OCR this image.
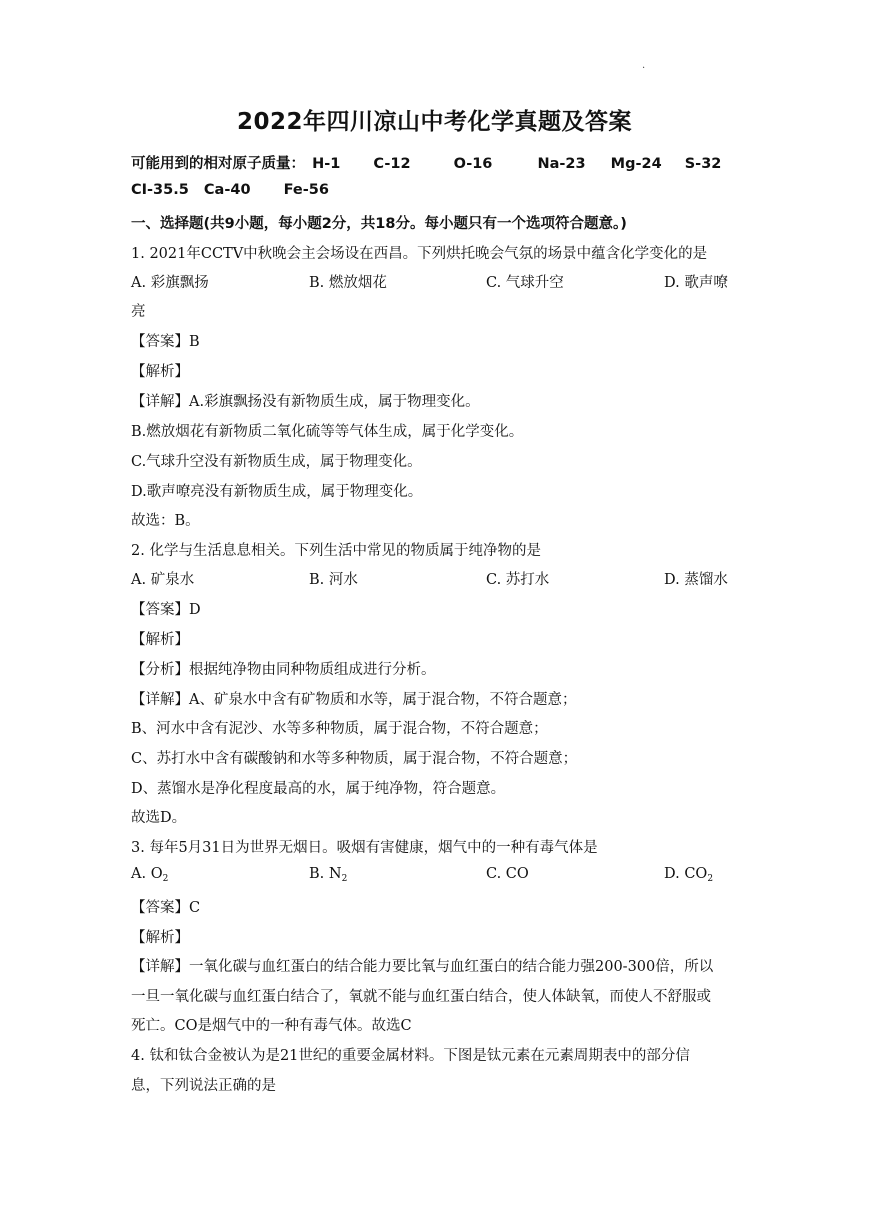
.
2022年四川凉山中考化学真题及答案
可能用到的相对原子质量： H-1 C-12	O-16	Na-23 Mg-24 S-32
CI-35.5 Ca-40 Fe-56
一、选择题(共9小题，每小题2分，共18分。每小题只有一个选项符合题意。)
1. 2021年CCTV中秋晚会主会场设在西昌。下列烘托晚会气氛的场景中蕴含化学变化的是
A. 彩旗飘扬	B. 燃放烟花	C. 气球升空	D. 歌声嘹
亮
【答案】B
【解析】
【详解】A.彩旗飘扬没有新物质生成，属于物理变化。
B.燃放烟花有新物质二氧化硫等等气体生成，属于化学变化。
C.气球升空没有新物质生成，属于物理变化。
D.歌声嘹亮没有新物质生成，属于物理变化。
故选：B。
2. 化学与生活息息相关。下列生活中常见的物质属于纯净物的是
A. 矿泉水	B. 河水	C. 苏打水	D. 蒸馏水
【答案】D
【解析】
【分析】根据纯净物由同种物质组成进行分析。
【详解】A、矿泉水中含有矿物质和水等，属于混合物，不符合题意；
B、河水中含有泥沙、水等多种物质，属于混合物，不符合题意；
C、苏打水中含有碳酸钠和水等多种物质，属于混合物，不符合题意；
D、蒸馏水是净化程度最高的水，属于纯净物，符合题意。
故选D。
3. 每年5月31日为世界无烟日。吸烟有害健康，烟气中的一种有毒气体是
A. $O_2$	B. $N_2$	C. CO	D. $CO_2$
【答案】C
【解析】
【详解】一氧化碳与血红蛋白的结合能力要比氧与血红蛋白的结合能力强200-300倍，所以
一旦一氧化碳与血红蛋白结合了，氧就不能与血红蛋白结合，使人体缺氧，而使人不舒服或
死亡。CO是烟气中的一种有毒气体。故选C
4. 钛和钛合金被认为是21世纪的重要金属材料。下图是钛元素在元素周期表中的部分信
息，下列说法正确的是
